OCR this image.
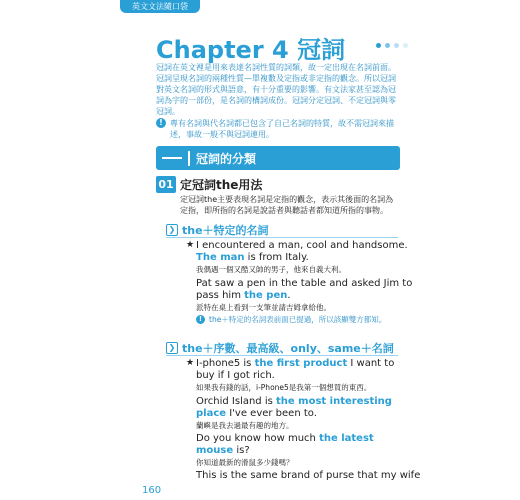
英文文法隨口袋
Chapter 4 冠詞
冠詞在英文裡是用來表達名詞性質的詞類，故一定出現在名詞前面。冠詞呈現名詞的兩種性質—單複數及定指或非定指的觀念。所以冠詞對英文名詞的形式與語意，有十分重要的影響。有文法家甚至認為冠詞為字的一部份，是名詞的構詞成份。冠詞分定冠詞、不定冠詞與零冠詞。
! 專有名詞與代名詞都已包含了自己名詞的特質，故不需冠詞來描述，事故一般不與冠詞連用。
冠詞的分類
01 定冠詞the用法
定冠詞the主要表現名詞是定指的觀念，表示其後面的名詞為定指，即所指的名詞是說話者與聽話者都知道所指的事物。
❯ the＋特定的名詞
★ I encountered a man, cool and handsome. The man is from Italy.
我偶遇一個又酷又帥的男子，他來自義大利。
Pat saw a pen in the table and asked Jim to pass him the pen.
派特在桌上看到一支筆並請吉姆拿給他。
! the＋特定的名詞表前面已提過，所以該顯雙方都知。
❯ the＋序數、最高級、only、same＋名詞
★ I-phone5 is the first product I want to buy if I got rich.
如果我有錢的話，i-Phone5是我第一個想買的東西。
Orchid Island is the most interesting place I've ever been to.
蘭嶼是我去過最有趣的地方。
Do you know how much the latest mouse is?
你知道最新的滑鼠多少錢嗎？
This is the same brand of purse that my wife
160
